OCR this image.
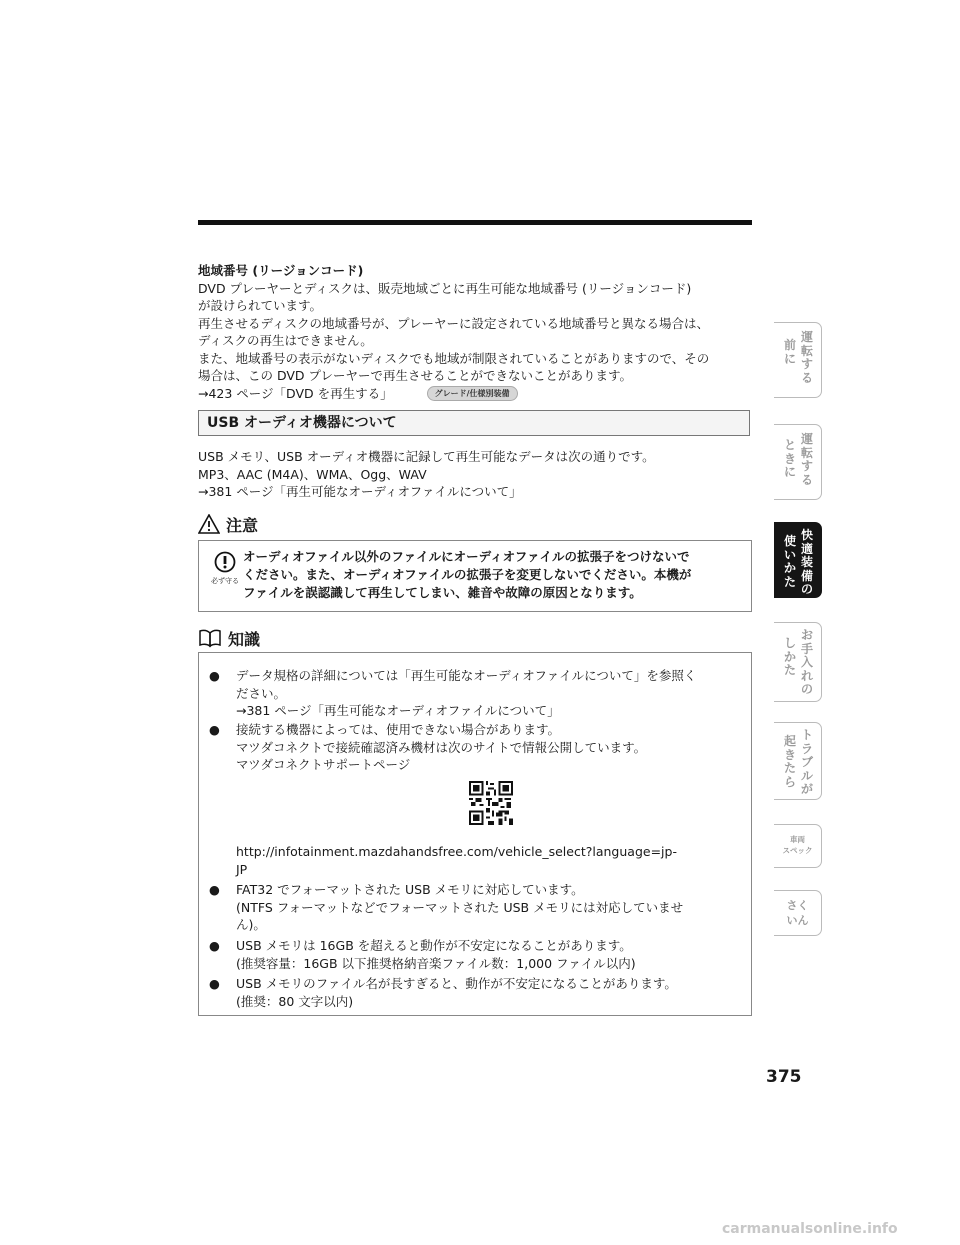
地域番号 (リージョンコード)

DVD プレーヤーとディスクは、販売地域ごとに再生可能な地域番号 (リージョンコード)

が設けられています。

再生させるディスクの地域番号が、プレーヤーに設定されている地域番号と異なる場合は、

ディスクの再生はできません。

また、地域番号の表示がないディスクでも地域が制限されていることがありますので、その

場合は、この DVD プレーヤーで再生させることができないことがあります。

→423 ページ「DVD を再生する」	グレード/仕様別装備
USB オーディオ機器について

USB メモリ、USB オーディオ機器に記録して再生可能なデータは次の通りです。

MP3、AAC (M4A)、WMA、Ogg、WAV

→381 ページ「再生可能なオーディオファイルについて」

注意
必ず守る

オーディオファイル以外のファイルにオーディオファイルの拡張子をつけないで

ください。また、オーディオファイルの拡張子を変更しないでください。本機が

ファイルを誤認識して再生してしまい、雑音や故障の原因となります。

知識
●	データ規格の詳細については「再生可能なオーディオファイルについて」を参照く

ださい。

→381 ページ「再生可能なオーディオファイルについて」

●	接続する機器によっては、使用できない場合があります。

マツダコネクトで接続確認済み機材は次のサイトで情報公開しています。

マツダコネクトサポートページ

http://infotainment.mazdahandsfree.com/vehicle_select?language=jp-

JP

●	FAT32 でフォーマットされた USB メモリに対応しています。

(NTFS フォーマットなどでフォーマットされた USB メモリには対応していませ

ん)。

●	USB メモリは 16GB を超えると動作が不安定になることがあります。

(推奨容量：16GB 以下推奨格納音楽ファイル数：1,000 ファイル以内)

●	USB メモリのファイル名が長すぎると、動作が不安定になることがあります。

(推奨：80 文字以内)

運
転
す
る
前
に
運
転
す
る
と
き
に
快
適
装
備
の
使
い
か
た
お
手
入
れ
の
し
か
た
ト
ラ
ブ
ル
が
起
き
た
ら
車両
スペック
さく
いん
375
carmanualsonline.info
